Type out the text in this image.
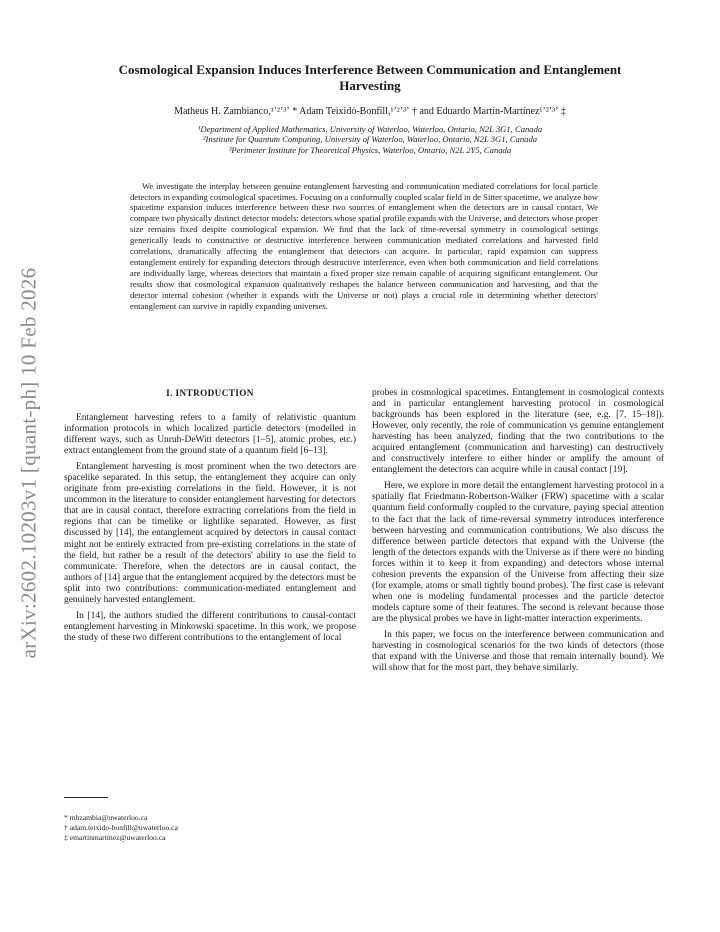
arXiv:2602.10203v1 [quant-ph] 10 Feb 2026
Cosmological Expansion Induces Interference Between Communication and Entanglement Harvesting
Matheus H. Zambianco,¹ʼ²ʼ³ʼ * Adam Teixidó-Bonfill,¹ʼ²ʼ³ʼ † and Eduardo Martín-Martínez¹ʼ²ʼ³ʼ ‡
¹Department of Applied Mathematics, University of Waterloo, Waterloo, Ontario, N2L 3G1, Canada
²Institute for Quantum Computing, University of Waterloo, Waterloo, Ontario, N2L 3G1, Canada
³Perimeter Institute for Theoretical Physics, Waterloo, Ontario, N2L 2Y5, Canada

We investigate the interplay between genuine entanglement harvesting and communication mediated correlations for local particle detectors in expanding cosmological spacetimes. Focusing on a conformally coupled scalar field in de Sitter spacetime, we analyze how spacetime expansion induces interference between these two sources of entanglement when the detectors are in causal contact. We compare two physically distinct detector models: detectors whose spatial profile expands with the Universe, and detectors whose proper size remains fixed despite cosmological expansion. We find that the lack of time-reversal symmetry in cosmological settings generically leads to constructive or destructive interference between communication mediated correlations and harvested field correlations, dramatically affecting the entanglement that detectors can acquire. In particular, rapid expansion can suppress entanglement entirely for expanding detectors through destructive interference, even when both communication and field correlations are individually large, whereas detectors that maintain a fixed proper size remain capable of acquiring significant entanglement. Our results show that cosmological expansion qualitatively reshapes the balance between communication and harvesting, and that the detector internal cohesion (whether it expands with the Universe or not) plays a crucial role in determining whether detectors' entanglement can survive in rapidly expanding universes.

I. INTRODUCTION

Entanglement harvesting refers to a family of relativistic quantum information protocols in which localized particle detectors (modelled in different ways, such as Unruh-DeWitt detectors [1–5], atomic probes, etc.) extract entanglement from the ground state of a quantum field [6–13].

Entanglement harvesting is most prominent when the two detectors are spacelike separated. In this setup, the entanglement they acquire can only originate from pre-existing correlations in the field. However, it is not uncommon in the literature to consider entanglement harvesting for detectors that are in causal contact, therefore extracting correlations from the field in regions that can be timelike or lightlike separated. However, as first discussed by [14], the entanglement acquired by detectors in causal contact might not be entirely extracted from pre-existing correlations in the state of the field, but rather be a result of the detectors' ability to use the field to communicate. Therefore, when the detectors are in causal contact, the authors of [14] argue that the entanglement acquired by the detectors must be split into two contributions: communication-mediated entanglement and genuinely harvested entanglement.

In [14], the authors studied the different contributions to causal-contact entanglement harvesting in Minkowski spacetime. In this work, we propose the study of these two different contributions to the entanglement of local

probes in cosmological spacetimes. Entanglement in cosmological contexts and in particular entanglement harvesting protocol in cosmological backgrounds has been explored in the literature (see, e.g. [7, 15–18]). However, only recently, the role of communication vs genuine entanglement harvesting has been analyzed, finding that the two contributions to the acquired entanglement (communication and harvesting) can destructively and constructively interfere to either hinder or amplify the amount of entanglement the detectors can acquire while in causal contact [19].

Here, we explore in more detail the entanglement harvesting protocol in a spatially flat Friedmann-Robertson-Walker (FRW) spacetime with a scalar quantum field conformally coupled to the curvature, paying special attention to the fact that the lack of time-reversal symmetry introduces interference between harvesting and communication contributions. We also discuss the difference between particle detectors that expand with the Universe (the length of the detectors expands with the Universe as if there were no binding forces within it to keep it from expanding) and detectors whose internal cohesion prevents the expansion of the Universe from affecting their size (for example, atoms or small tightly bound probes). The first case is relevant when one is modeling fundamental processes and the particle detector models capture some of their features. The second is relevant because those are the physical probes we have in light-matter interaction experiments.

In this paper, we focus on the interference between communication and harvesting in cosmological scenarios for the two kinds of detectors (those that expand with the Universe and those that remain internally bound). We will show that for the most part, they behave similarly.

* mhzambia@uwaterloo.ca

† adam.teixido-bonfill@uwaterloo.ca

‡ emartinmartinez@uwaterloo.ca
